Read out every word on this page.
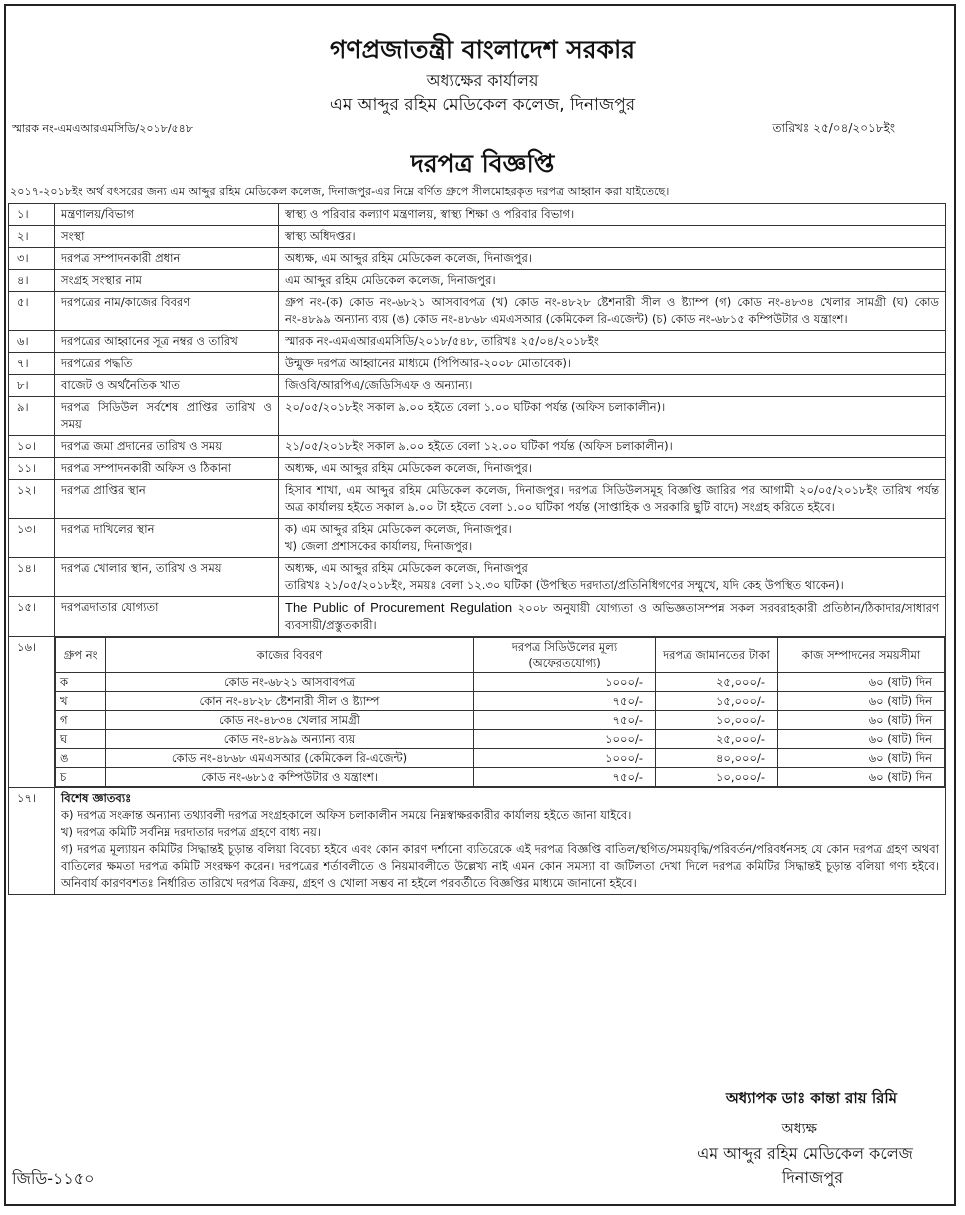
গণপ্রজাতন্ত্রী বাংলাদেশ সরকার
অধ্যক্ষের কার্যালয়
এম আব্দুর রহিম মেডিকেল কলেজ, দিনাজপুর
স্মারক নং-এমএআরএমসিডি/২০১৮/৫৪৮	তারিখঃ ২৫/০৪/২০১৮ইং
দরপত্র বিজ্ঞপ্তি
২০১৭-২০১৮ইং অর্থ বৎসরের জন্য এম আব্দুর রহিম মেডিকেল কলেজ, দিনাজপুর-এর নিম্নে বর্ণিত গ্রুপে সীলমোহরকৃত দরপত্র আহ্বান করা যাইতেছে।
১।	মন্ত্রণালয়/বিভাগ	স্বাস্থ্য ও পরিবার কল্যাণ মন্ত্রণালয়, স্বাস্থ্য শিক্ষা ও পরিবার বিভাগ।
২।	সংস্থা	স্বাস্থ্য অধিদপ্তর।
৩।	দরপত্র সম্পাদনকারী প্রধান	অধ্যক্ষ, এম আব্দুর রহিম মেডিকেল কলেজ, দিনাজপুর।
৪।	সংগ্রহ সংস্থার নাম	এম আব্দুর রহিম মেডিকেল কলেজ, দিনাজপুর।
৫।	দরপত্রের নাম/কাজের বিবরণ	গ্রুপ নং-(ক) কোড নং-৬৮২১ আসবাবপত্র (খ) কোড নং-৪৮২৮ ষ্টেশনারী সীল ও ষ্ট্যাম্প (গ) কোড নং-৪৮৩৪ খেলার সামগ্রী (ঘ) কোড নং-৪৮৯৯ অন্যান্য ব্যয় (ঙ) কোড নং-৪৮৬৮ এমএসআর (কেমিকেল রি-এজেন্ট) (চ) কোড নং-৬৮১৫ কম্পিউটার ও যন্ত্রাংশ।
৬।	দরপত্রের আহ্বানের সূত্র নম্বর ও তারিখ	স্মারক নং-এমএআরএমসিডি/২০১৮/৫৪৮, তারিখঃ ২৫/০৪/২০১৮ইং
৭।	দরপত্রের পদ্ধতি	উন্মুক্ত দরপত্র আহ্বানের মাধ্যমে (পিপিআর-২০০৮ মোতাবেক)।
৮।	বাজেট ও অর্থনৈতিক খাত	জিওবি/আরপিএ/জেডিসিএফ ও অন্যান্য।
৯।	দরপত্র সিডিউল সর্বশেষ প্রাপ্তির তারিখ ও সময়	২০/০৫/২০১৮ইং সকাল ৯.০০ হইতে বেলা ১.০০ ঘটিকা পর্যন্ত (অফিস চলাকালীন)।
১০।	দরপত্র জমা প্রদানের তারিখ ও সময়	২১/০৫/২০১৮ইং সকাল ৯.০০ হইতে বেলা ১২.০০ ঘটিকা পর্যন্ত (অফিস চলাকালীন)।
১১।	দরপত্র সম্পাদনকারী অফিস ও ঠিকানা	অধ্যক্ষ, এম আব্দুর রহিম মেডিকেল কলেজ, দিনাজপুর।
১২।	দরপত্র প্রাপ্তির স্থান	হিসাব শাখা, এম আব্দুর রহিম মেডিকেল কলেজ, দিনাজপুর। দরপত্র সিডিউলসমূহ বিজ্ঞপ্তি জারির পর আগামী ২০/০৫/২০১৮ইং তারিখ পর্যন্ত অত্র কার্যালয় হইতে সকাল ৯.০০ টা হইতে বেলা ১.০০ ঘটিকা পর্যন্ত (সাপ্তাহিক ও সরকারি ছুটি বাদে) সংগ্রহ করিতে হইবে।
১৩।	দরপত্র দাখিলের স্থান	ক) এম আব্দুর রহিম মেডিকেল কলেজ, দিনাজপুর।
খ) জেলা প্রশাসকের কার্যালয়, দিনাজপুর।

১৪।	দরপত্র খোলার স্থান, তারিখ ও সময়	অধ্যক্ষ, এম আব্দুর রহিম মেডিকেল কলেজ, দিনাজপুর
তারিখঃ ২১/০৫/২০১৮ইং, সময়ঃ বেলা ১২.৩০ ঘটিকা (উপস্থিত দরদাতা/প্রতিনিধিগণের সম্মুখে, যদি কেহ উপস্থিত থাকেন)।

১৫।	দরপত্রদাতার যোগ্যতা	The Public of Procurement Regulation ২০০৮ অনুযায়ী যোগ্যতা ও অভিজ্ঞতাসম্পন্ন সকল সরবরাহকারী প্রতিষ্ঠান/ঠিকাদার/সাধারণ ব্যবসায়ী/প্রস্তুতকারী।
১৬।	
গ্রুপ নং	কাজের বিবরণ	দরপত্র সিডিউলের মূল্য (অফেরতযোগ্য)	দরপত্র জামানতের টাকা	কাজ সম্পাদনের সময়সীমা
ক	কোড নং-৬৮২১ আসবাবপত্র	১০০০/-	২৫,০০০/-	৬০ (ষাট) দিন
খ	কোন নং-৪৮২৮ ষ্টেশনারী সীল ও ষ্ট্যাম্প	৭৫০/-	১৫,০০০/-	৬০ (ষাট) দিন
গ	কোড নং-৪৮৩৪ খেলার সামগ্রী	৭৫০/-	১০,০০০/-	৬০ (ষাট) দিন
ঘ	কোড নং-৪৮৯৯ অন্যান্য ব্যয়	১০০০/-	২৫,০০০/-	৬০ (ষাট) দিন
ঙ	কোড নং-৪৮৬৮ এমএসআর (কেমিকেল রি-এজেন্ট)	১০০০/-	৪০,০০০/-	৬০ (ষাট) দিন
চ	কোড নং-৬৮১৫ কম্পিউটার ও যন্ত্রাংশ।	৭৫০/-	১০,০০০/-	৬০ (ষাট) দিন

১৭।	বিশেষ জ্ঞাতব্যঃ
ক) দরপত্র সংক্রান্ত অন্যান্য তথ্যাবলী দরপত্র সংগ্রহকালে অফিস চলাকালীন সময়ে নিম্নস্বাক্ষরকারীর কার্যালয় হইতে জানা যাইবে।
খ) দরপত্র কমিটি সর্বনিম্ন দরদাতার দরপত্র গ্রহণে বাধ্য নয়।
গ) দরপত্র মূল্যায়ন কমিটির সিদ্ধান্তই চূড়ান্ত বলিয়া বিবেচ্য হইবে এবং কোন কারণ দর্শানো ব্যতিরেকে এই দরপত্র বিজ্ঞপ্তি বাতিল/স্থগিত/সময়বৃদ্ধি/পরিবর্তন/পরিবর্ধনসহ যে কোন দরপত্র গ্রহণ অথবা বাতিলের ক্ষমতা দরপত্র কমিটি সংরক্ষণ করেন। দরপত্রের শর্তাবলীতে ও নিয়মাবলীতে উল্লেখ্য নাই এমন কোন সমস্যা বা জটিলতা দেখা দিলে দরপত্র কমিটির সিদ্ধান্তই চূড়ান্ত বলিয়া গণ্য হইবে। অনিবার্য কারণবশতঃ নির্ধারিত তারিখে দরপত্র বিক্রয়, গ্রহণ ও খোলা সম্ভব না হইলে পরবর্তীতে বিজ্ঞপ্তির মাধ্যমে জানানো হইবে।
অধ্যাপক ডাঃ কান্তা রায় রিমি
অধ্যক্ষ
এম আব্দুর রহিম মেডিকেল কলেজ
দিনাজপুর
জিডি-১১৫০
